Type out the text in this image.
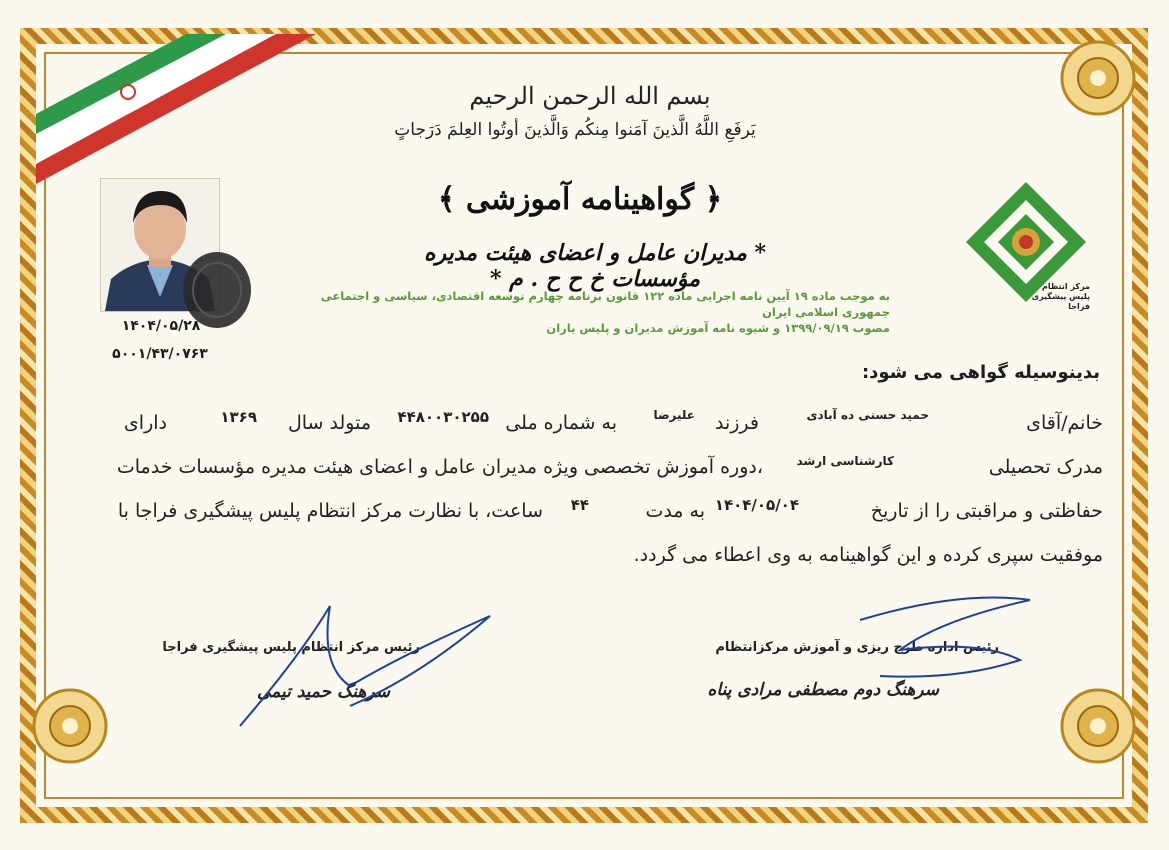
بسم الله الرحمن الرحيم
يَرفَعِ اللَّهُ الَّذينَ آمَنوا مِنكُم وَالَّذينَ أوتُوا العِلمَ دَرَجاتٍ
﴿ گواهینامه آموزشی ﴾
* مدیران عامل و اعضای هیئت مدیره مؤسسات خ ح ح . م *
به موجب ماده ۱۹ آیین نامه اجرایی ماده ۱۲۲ قانون برنامه چهارم توسعه اقتصادی، سیاسی و اجتماعی جمهوری اسلامی ایران
مصوب ۱۳۹۹/۰۹/۱۹ و شیوه نامه آموزش مدیران و پلیس یاران
۱۴۰۴/۰۵/۲۸
۵۰۰۱/۴۳/۰۷۶۳
مرکز انتظام
پلیس پیشگیری فراجا
بدینوسیله گواهی می شود:
خانم/آقای
حمید حسنی ده آبادی
فرزند
علیرضا
به شماره ملی
۴۴۸۰۰۳۰۲۵۵
متولد سال
۱۳۶۹
دارای
مدرک تحصیلی
کارشناسی ارشد
،دوره آموزش تخصصی ویژه مدیران عامل و اعضای هیئت مدیره مؤسسات خدمات
حفاظتی و مراقبتی را از تاریخ
۱۴۰۴/۰۵/۰۴
به مدت
۴۴
ساعت، با نظارت مرکز انتظام پلیس پیشگیری فراجا با
موفقیت سپری کرده و این گواهینامه به وی اعطاء می گردد.
رئیس اداره طرح ریزی و آموزش مرکزانتظام
سرهنگ دوم مصطفی مرادی پناه
رئیس مرکز انتظام پلیس پیشگیری فراجا
سرهنگ حمید تیمی
